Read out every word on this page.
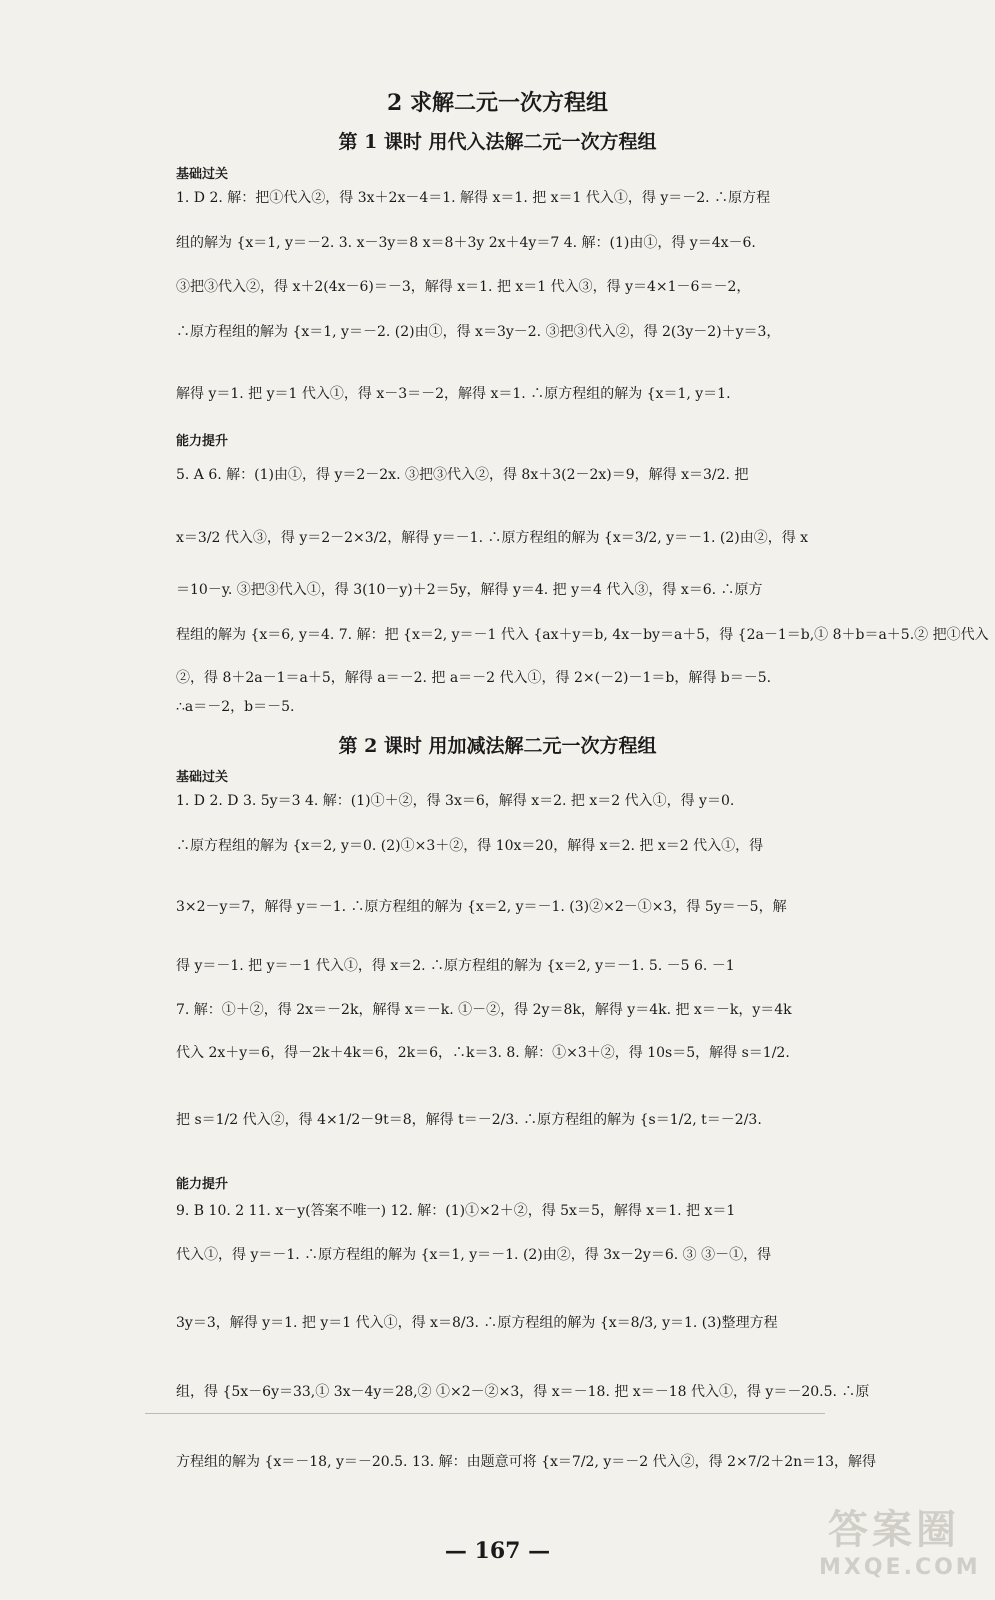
2 求解二元一次方程组
第 1 课时 用代入法解二元一次方程组
基础过关
1. D 2. 解：把①代入②，得 3x＋2x－4＝1. 解得 x＝1. 把 x＝1 代入①，得 y＝－2. ∴原方程
组的解为 {x＝1, y＝－2. 3. x－3y＝8 x＝8＋3y 2x＋4y＝7 4. 解：(1)由①，得 y＝4x－6.
③把③代入②，得 x＋2(4x－6)＝－3，解得 x＝1. 把 x＝1 代入③，得 y＝4×1－6＝－2，
∴原方程组的解为 {x＝1, y＝－2. (2)由①，得 x＝3y－2. ③把③代入②，得 2(3y－2)＋y＝3，
解得 y＝1. 把 y＝1 代入①，得 x－3＝－2，解得 x＝1. ∴原方程组的解为 {x＝1, y＝1.
能力提升
5. A 6. 解：(1)由①，得 y＝2－2x. ③把③代入②，得 8x＋3(2－2x)＝9，解得 x＝3/2. 把
x＝3/2 代入③，得 y＝2－2×3/2，解得 y＝－1. ∴原方程组的解为 {x＝3/2, y＝－1. (2)由②，得 x
＝10－y. ③把③代入①，得 3(10－y)＋2＝5y，解得 y＝4. 把 y＝4 代入③，得 x＝6. ∴原方
程组的解为 {x＝6, y＝4. 7. 解：把 {x＝2, y＝－1 代入 {ax＋y＝b, 4x－by＝a＋5，得 {2a－1＝b,① 8＋b＝a＋5.② 把①代入
②，得 8＋2a－1＝a＋5，解得 a＝－2. 把 a＝－2 代入①，得 2×(－2)－1＝b，解得 b＝－5.
∴a＝－2，b＝－5.
第 2 课时 用加减法解二元一次方程组
基础过关
1. D 2. D 3. 5y＝3 4. 解：(1)①＋②，得 3x＝6，解得 x＝2. 把 x＝2 代入①，得 y＝0.
∴原方程组的解为 {x＝2, y＝0. (2)①×3＋②，得 10x＝20，解得 x＝2. 把 x＝2 代入①，得
3×2－y＝7，解得 y＝－1. ∴原方程组的解为 {x＝2, y＝－1. (3)②×2－①×3，得 5y＝－5，解
得 y＝－1. 把 y＝－1 代入①，得 x＝2. ∴原方程组的解为 {x＝2, y＝－1. 5. －5 6. －1
7. 解：①＋②，得 2x＝－2k，解得 x＝－k. ①－②，得 2y＝8k，解得 y＝4k. 把 x＝－k，y＝4k
代入 2x＋y＝6，得－2k＋4k＝6，2k＝6，∴k＝3. 8. 解：①×3＋②，得 10s＝5，解得 s＝1/2.
把 s＝1/2 代入②，得 4×1/2－9t＝8，解得 t＝－2/3. ∴原方程组的解为 {s＝1/2, t＝－2/3.
能力提升
9. B 10. 2 11. x－y(答案不唯一) 12. 解：(1)①×2＋②，得 5x＝5，解得 x＝1. 把 x＝1
代入①，得 y＝－1. ∴原方程组的解为 {x＝1, y＝－1. (2)由②，得 3x－2y＝6. ③ ③－①，得
3y＝3，解得 y＝1. 把 y＝1 代入①，得 x＝8/3. ∴原方程组的解为 {x＝8/3, y＝1. (3)整理方程
组，得 {5x－6y＝33,① 3x－4y＝28,② ①×2－②×3，得 x＝－18. 把 x＝－18 代入①，得 y＝－20.5. ∴原
方程组的解为 {x＝－18, y＝－20.5. 13. 解：由题意可将 {x＝7/2, y＝－2 代入②，得 2×7/2＋2n＝13，解得
— 167 —	答案圈
MXQE.COM
